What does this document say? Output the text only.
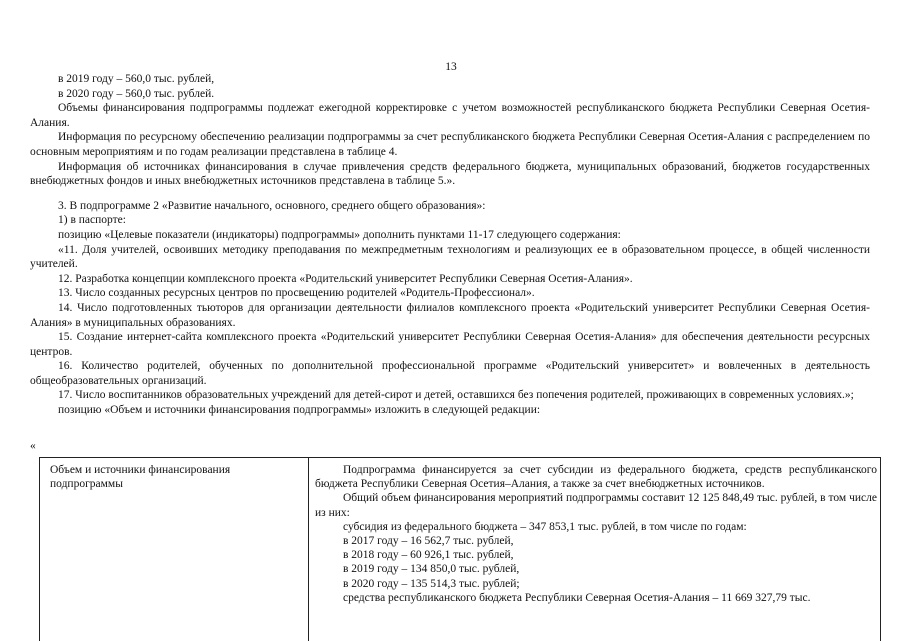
13

в 2019 году – 560,0 тыс. рублей,

в 2020 году – 560,0 тыс. рублей.

Объемы финансирования подпрограммы подлежат ежегодной корректировке с учетом возможностей республиканского бюджета Республики Северная Осетия-Алания.

Информация по ресурсному обеспечению реализации подпрограммы за счет республиканского бюджета Республики Северная Осетия-Алания с распределением по основным мероприятиям и по годам реализации представлена в таблице 4.

Информация об источниках финансирования в случае привлечения средств федерального бюджета, муниципальных образований, бюджетов государственных внебюджетных фондов и иных внебюджетных источников представлена в таблице 5.».

3. В подпрограмме 2 «Развитие начального, основного, среднего общего образования»:

1) в паспорте:

позицию «Целевые показатели (индикаторы) подпрограммы» дополнить пунктами 11-17 следующего содержания:

«11. Доля учителей, освоивших методику преподавания по межпредметным технологиям и реализующих ее в образовательном процессе, в общей численности учителей.

12. Разработка концепции комплексного проекта «Родительский университет Республики Северная Осетия-Алания».

13. Число созданных ресурсных центров по просвещению родителей «Родитель-Профессионал».

14. Число подготовленных тьюторов для организации деятельности филиалов комплексного проекта «Родительский университет Республики Северная Осетия-Алания» в муниципальных образованиях.

15. Создание интернет-сайта комплексного проекта «Родительский университет Республики Северная Осетия-Алания» для обеспечения деятельности ресурсных центров.

16. Количество родителей, обученных по дополнительной профессиональной программе «Родительский университет» и вовлеченных в деятельность общеобразовательных организаций.

17. Число воспитанников образовательных учреждений для детей-сирот и детей, оставшихся без попечения родителей, проживающих в современных условиях.»;

позицию «Объем и источники финансирования подпрограммы» изложить в следующей редакции:

«

Объем и источники финансирования подпрограммы

Подпрограмма финансируется за счет субсидии из федерального бюджета, средств республиканского бюджета Республики Северная Осетия–Алания, а также за счет внебюджетных источников.

Общий объем финансирования мероприятий подпрограммы составит 12 125 848,49 тыс. рублей, в том числе из них:

субсидия из федерального бюджета – 347 853,1 тыс. рублей, в том числе по годам:

в 2017 году – 16 562,7 тыс. рублей,

в 2018 году – 60 926,1 тыс. рублей,

в 2019 году – 134 850,0 тыс. рублей,

в 2020 году – 135 514,3 тыс. рублей;

средства республиканского бюджета Республики Северная Осетия-Алания – 11 669 327,79 тыс.
